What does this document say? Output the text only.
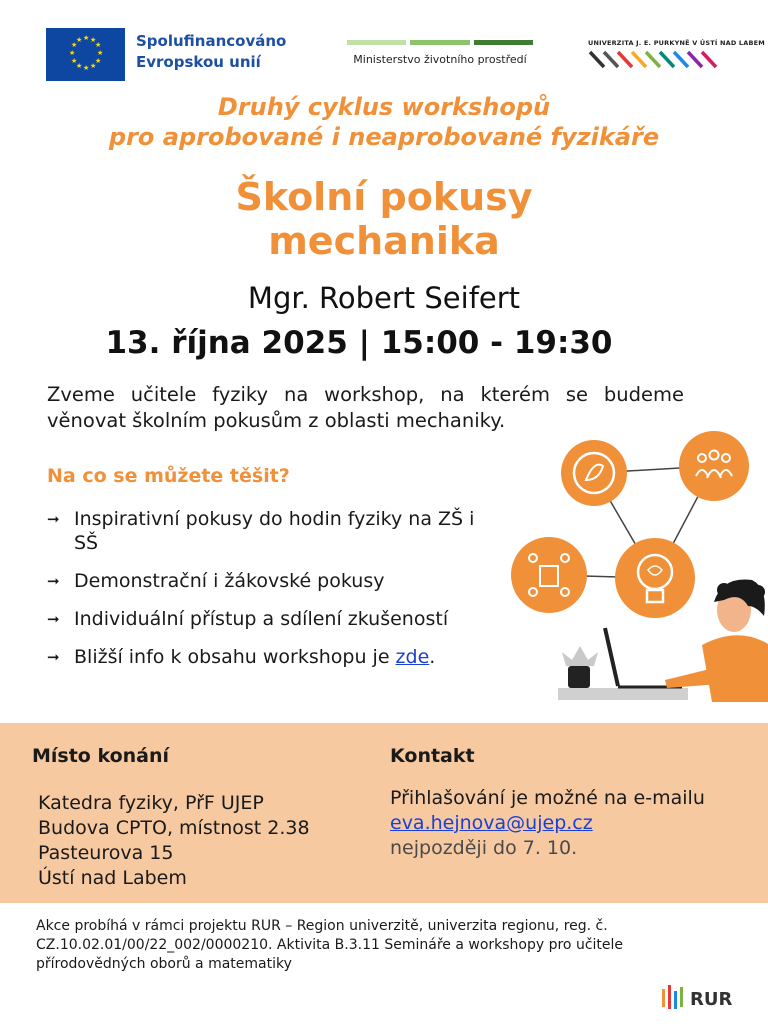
★ ★
★
★
★
★
★
★
★
★
★
★	Spolufinancováno
Evropskou unií	Ministerstvo životního prostředí
UNIVERZITA J. E. PURKYNĚ V ÚSTÍ NAD LABEM
Druhý cyklus workshopů
pro aprobované i neaprobované fyzikáře
Školní pokusy
mechanika
Mgr. Robert Seifert
13. října 2025 | 15:00 - 19:30
Zveme učitele fyziky na workshop, na kterém se budeme věnovat školním pokusům z oblasti mechaniky.
Na co se můžete těšit?
➞ Inspirativní pokusy do hodin fyziky na ZŠ i SŠ
➞ Demonstrační i žákovské pokusy
➞ Individuální přístup a sdílení zkušeností
➞ Bližší info k obsahu workshopu je zde.
Místo konání	Kontakt
Katedra fyziky, PřF UJEP
Budova CPTO, místnost 2.38
Pasteurova 15
Ústí nad Labem
Přihlašování je možné na e-mailu
eva.hejnova@ujep.cz
nejpozději do 7. 10.
Akce probíhá v rámci projektu RUR – Region univerzitě, univerzita regionu, reg. č. CZ.10.02.01/00/22_002/0000210. Aktivita B.3.11 Semináře a workshopy pro učitele přírodovědných oborů a matematiky
RUR
